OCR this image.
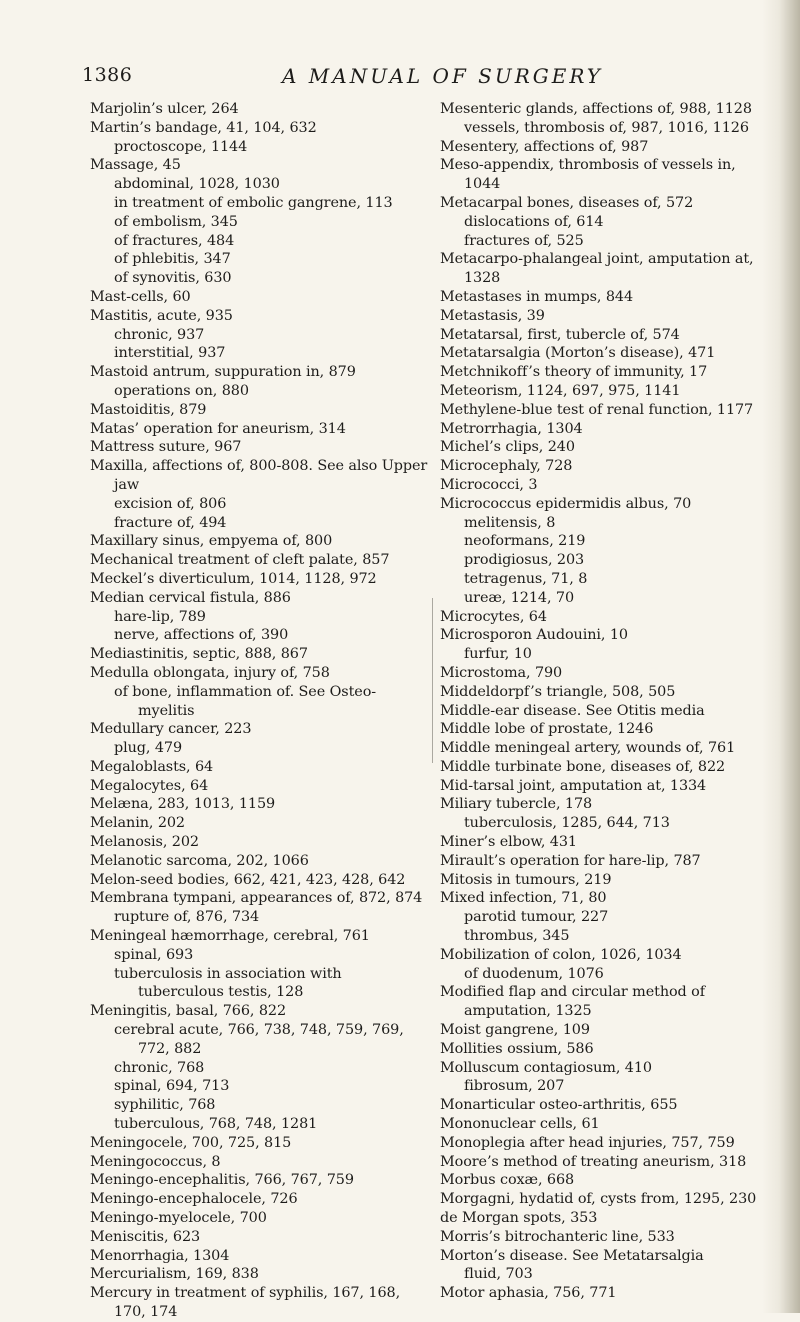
1386	A MANUAL OF SURGERY
Marjolin’s ulcer, 264
Martin’s bandage, 41, 104, 632
proctoscope, 1144
Massage, 45
abdominal, 1028, 1030
in treatment of embolic gangrene, 113
of embolism, 345
of fractures, 484
of phlebitis, 347
of synovitis, 630
Mast-cells, 60
Mastitis, acute, 935
chronic, 937
interstitial, 937
Mastoid antrum, suppuration in, 879
operations on, 880
Mastoiditis, 879
Matas’ operation for aneurism, 314
Mattress suture, 967
Maxilla, affections of, 800-808. See also Upper jaw
excision of, 806
fracture of, 494
Maxillary sinus, empyema of, 800
Mechanical treatment of cleft palate, 857
Meckel’s diverticulum, 1014, 1128, 972
Median cervical fistula, 886
hare-lip, 789
nerve, affections of, 390
Mediastinitis, septic, 888, 867
Medulla oblongata, injury of, 758
of bone, inflammation of. See Osteo-myelitis
Medullary cancer, 223
plug, 479
Megaloblasts, 64
Megalocytes, 64
Melæna, 283, 1013, 1159
Melanin, 202
Melanosis, 202
Melanotic sarcoma, 202, 1066
Melon-seed bodies, 662, 421, 423, 428, 642
Membrana tympani, appearances of, 872, 874
rupture of, 876, 734
Meningeal hæmorrhage, cerebral, 761
spinal, 693
tuberculosis in association with tuberculous testis, 128
Meningitis, basal, 766, 822
cerebral acute, 766, 738, 748, 759, 769, 772, 882
chronic, 768
spinal, 694, 713
syphilitic, 768
tuberculous, 768, 748, 1281
Meningocele, 700, 725, 815
Meningococcus, 8
Meningo-encephalitis, 766, 767, 759
Meningo-encephalocele, 726
Meningo-myelocele, 700
Meniscitis, 623
Menorrhagia, 1304
Mercurialism, 169, 838
Mercury in treatment of syphilis, 167, 168, 170, 174
Mesenteric glands, affections of, 988, 1128
vessels, thrombosis of, 987, 1016, 1126
Mesentery, affections of, 987
Meso-appendix, thrombosis of vessels in, 1044
Metacarpal bones, diseases of, 572
dislocations of, 614
fractures of, 525
Metacarpo-phalangeal joint, amputation at, 1328
Metastases in mumps, 844
Metastasis, 39
Metatarsal, first, tubercle of, 574
Metatarsalgia (Morton’s disease), 471
Metchnikoff’s theory of immunity, 17
Meteorism, 1124, 697, 975, 1141
Methylene-blue test of renal function, 1177
Metrorrhagia, 1304
Michel’s clips, 240
Microcephaly, 728
Micrococci, 3
Micrococcus epidermidis albus, 70
melitensis, 8
neoformans, 219
prodigiosus, 203
tetragenus, 71, 8
ureæ, 1214, 70
Microcytes, 64
Microsporon Audouini, 10
furfur, 10
Microstoma, 790
Middeldorpf’s triangle, 508, 505
Middle-ear disease. See Otitis media
Middle lobe of prostate, 1246
Middle meningeal artery, wounds of, 761
Middle turbinate bone, diseases of, 822
Mid-tarsal joint, amputation at, 1334
Miliary tubercle, 178
tuberculosis, 1285, 644, 713
Miner’s elbow, 431
Mirault’s operation for hare-lip, 787
Mitosis in tumours, 219
Mixed infection, 71, 80
parotid tumour, 227
thrombus, 345
Mobilization of colon, 1026, 1034
of duodenum, 1076
Modified flap and circular method of amputation, 1325
Moist gangrene, 109
Mollities ossium, 586
Molluscum contagiosum, 410
fibrosum, 207
Monarticular osteo-arthritis, 655
Mononuclear cells, 61
Monoplegia after head injuries, 757, 759
Moore’s method of treating aneurism, 318
Morbus coxæ, 668
Morgagni, hydatid of, cysts from, 1295, 230
de Morgan spots, 353
Morris’s bitrochanteric line, 533
Morton’s disease. See Metatarsalgia
fluid, 703
Motor aphasia, 756, 771
